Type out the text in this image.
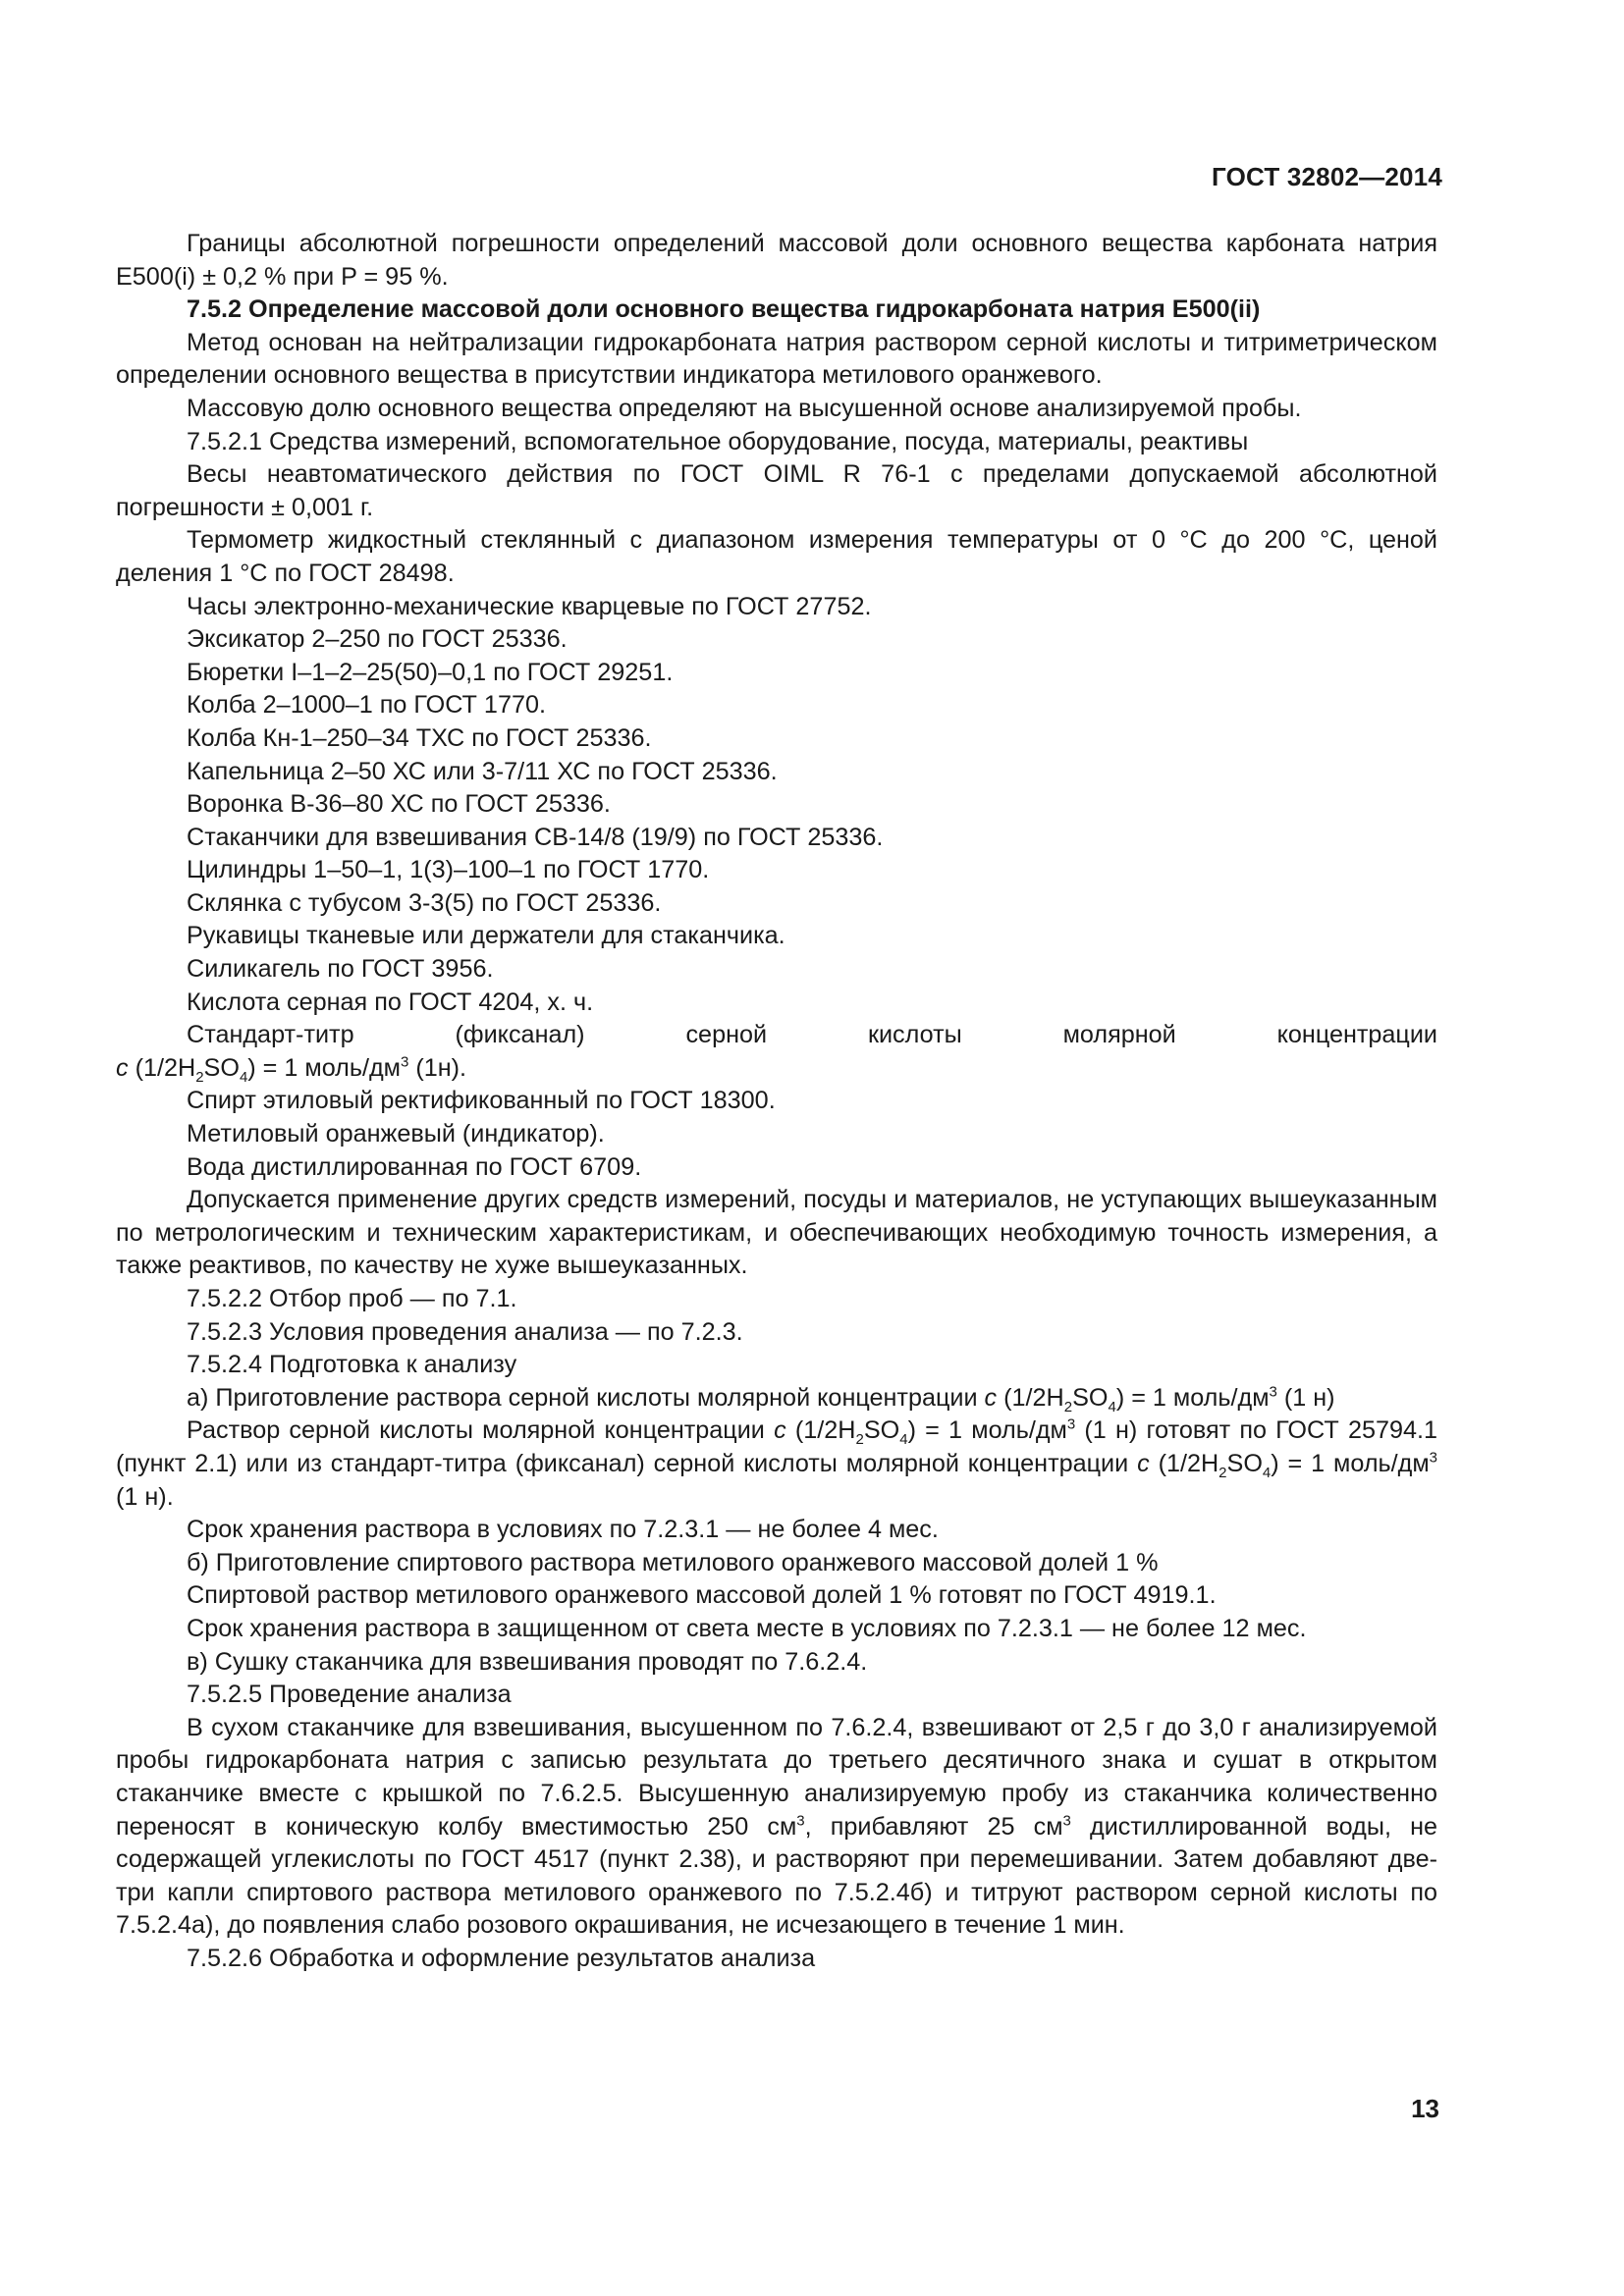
ГОСТ 32802—2014

Границы абсолютной погрешности определений массовой доли основного вещества карбоната натрия E500(i) ± 0,2 % при P = 95 %.

7.5.2 Определение массовой доли основного вещества гидрокарбоната натрия E500(ii)

Метод основан на нейтрализации гидрокарбоната натрия раствором серной кислоты и титриметрическом определении основного вещества в присутствии индикатора метилового оранжевого.

Массовую долю основного вещества определяют на высушенной основе анализируемой пробы.

7.5.2.1 Средства измерений, вспомогательное оборудование, посуда, материалы, реактивы

Весы неавтоматического действия по ГОСТ OIML R 76-1 с пределами допускаемой абсолютной погрешности ± 0,001 г.

Термометр жидкостный стеклянный с диапазоном измерения температуры от 0 °С до 200 °С, ценой деления 1 °С по ГОСТ 28498.

Часы электронно-механические кварцевые по ГОСТ 27752.

Эксикатор 2–250 по ГОСТ 25336.

Бюретки I–1–2–25(50)–0,1 по ГОСТ 29251.

Колба 2–1000–1 по ГОСТ 1770.

Колба Кн-1–250–34 ТХС по ГОСТ 25336.

Капельница 2–50 ХС или 3-7/11 ХС по ГОСТ 25336.

Воронка В-36–80 ХС по ГОСТ 25336.

Стаканчики для взвешивания СВ-14/8 (19/9) по ГОСТ 25336.

Цилиндры 1–50–1, 1(3)–100–1 по ГОСТ 1770.

Склянка с тубусом 3-3(5) по ГОСТ 25336.

Рукавицы тканевые или держатели для стаканчика.

Силикагель по ГОСТ 3956.

Кислота серная по ГОСТ 4204, х. ч.

Стандарт-титр (фиксанал) серной кислоты молярной концентрации

c $(1/2H_2SO_4) = 1$ моль/$дм^3$ (1н).

Спирт этиловый ректификованный по ГОСТ 18300.

Метиловый оранжевый (индикатор).

Вода дистиллированная по ГОСТ 6709.

Допускается применение других средств измерений, посуды и материалов, не уступающих вышеуказанным по метрологическим и техническим характеристикам, и обеспечивающих необходимую точность измерения, а также реактивов, по качеству не хуже вышеуказанных.

7.5.2.2 Отбор проб — по 7.1.

7.5.2.3 Условия проведения анализа — по 7.2.3.

7.5.2.4 Подготовка к анализу

а) Приготовление раствора серной кислоты молярной концентрации c $(1/2H_2SO_4) = 1$ моль/$дм^3$ (1 н)

Раствор серной кислоты молярной концентрации c $(1/2H_2SO_4) = 1$ моль/$дм^3$ (1 н) готовят по ГОСТ 25794.1 (пункт 2.1) или из стандарт-титра (фиксанал) серной кислоты молярной концентрации c $(1/2H_2SO_4) = 1$ моль/$дм^3$ (1 н).

Срок хранения раствора в условиях по 7.2.3.1 — не более 4 мес.

б) Приготовление спиртового раствора метилового оранжевого массовой долей 1 %

Спиртовой раствор метилового оранжевого массовой долей 1 % готовят по ГОСТ 4919.1.

Срок хранения раствора в защищенном от света месте в условиях по 7.2.3.1 — не более 12 мес.

в) Сушку стаканчика для взвешивания проводят по 7.6.2.4.

7.5.2.5 Проведение анализа

В сухом стаканчике для взвешивания, высушенном по 7.6.2.4, взвешивают от 2,5 г до 3,0 г анализируемой пробы гидрокарбоната натрия с записью результата до третьего десятичного знака и сушат в открытом стаканчике вместе с крышкой по 7.6.2.5. Высушенную анализируемую пробу из стаканчика количественно переносят в коническую колбу вместимостью 250 $см^3$, прибавляют 25 $см^3$ дистиллированной воды, не содержащей углекислоты по ГОСТ 4517 (пункт 2.38), и растворяют при перемешивании. Затем добавляют две-три капли спиртового раствора метилового оранжевого по 7.5.2.4б) и титруют раствором серной кислоты по 7.5.2.4а), до появления слабо розового окрашивания, не исчезающего в течение 1 мин.

7.5.2.6 Обработка и оформление результатов анализа

13
